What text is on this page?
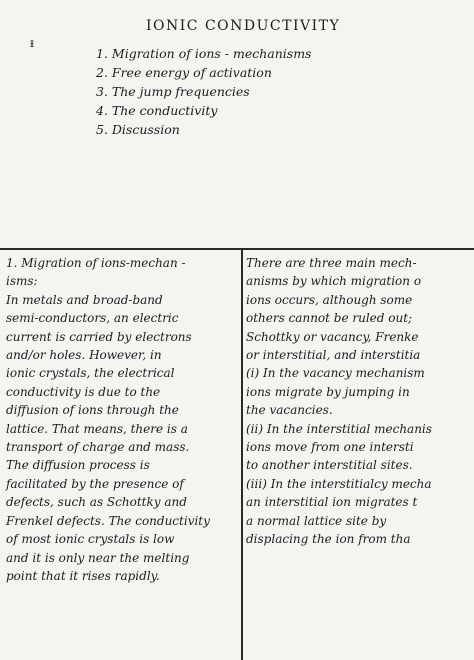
ᵻ
IONIC CONDUCTIVITY
1. Migration of ions - mechanisms
2. Free energy of activation
3. The jump frequencies
4. The conductivity
5. Discussion
1. Migration of ions-mechan -
isms:
In metals and broad-band
semi-conductors, an electric
current is carried by electrons
and/or holes. However, in
ionic crystals, the electrical
conductivity is due to the
diffusion of ions through the
lattice. That means, there is a
transport of charge and mass.
The diffusion process is
facilitated by the presence of
defects, such as Schottky and
Frenkel defects. The conductivity
of most ionic crystals is low
and it is only near the melting
point that it rises rapidly.
There are three main mech-
anisms by which migration o
ions occurs, although some
others cannot be ruled out;
Schottky or vacancy, Frenke
or interstitial, and interstitia
(i) In the vacancy mechanism
ions migrate by jumping in
the vacancies.
(ii) In the interstitial mechanis
ions move from one intersti
to another interstitial sites.
(iii) In the interstitialcy mecha
an interstitial ion migrates t
a normal lattice site by
displacing the ion from tha
